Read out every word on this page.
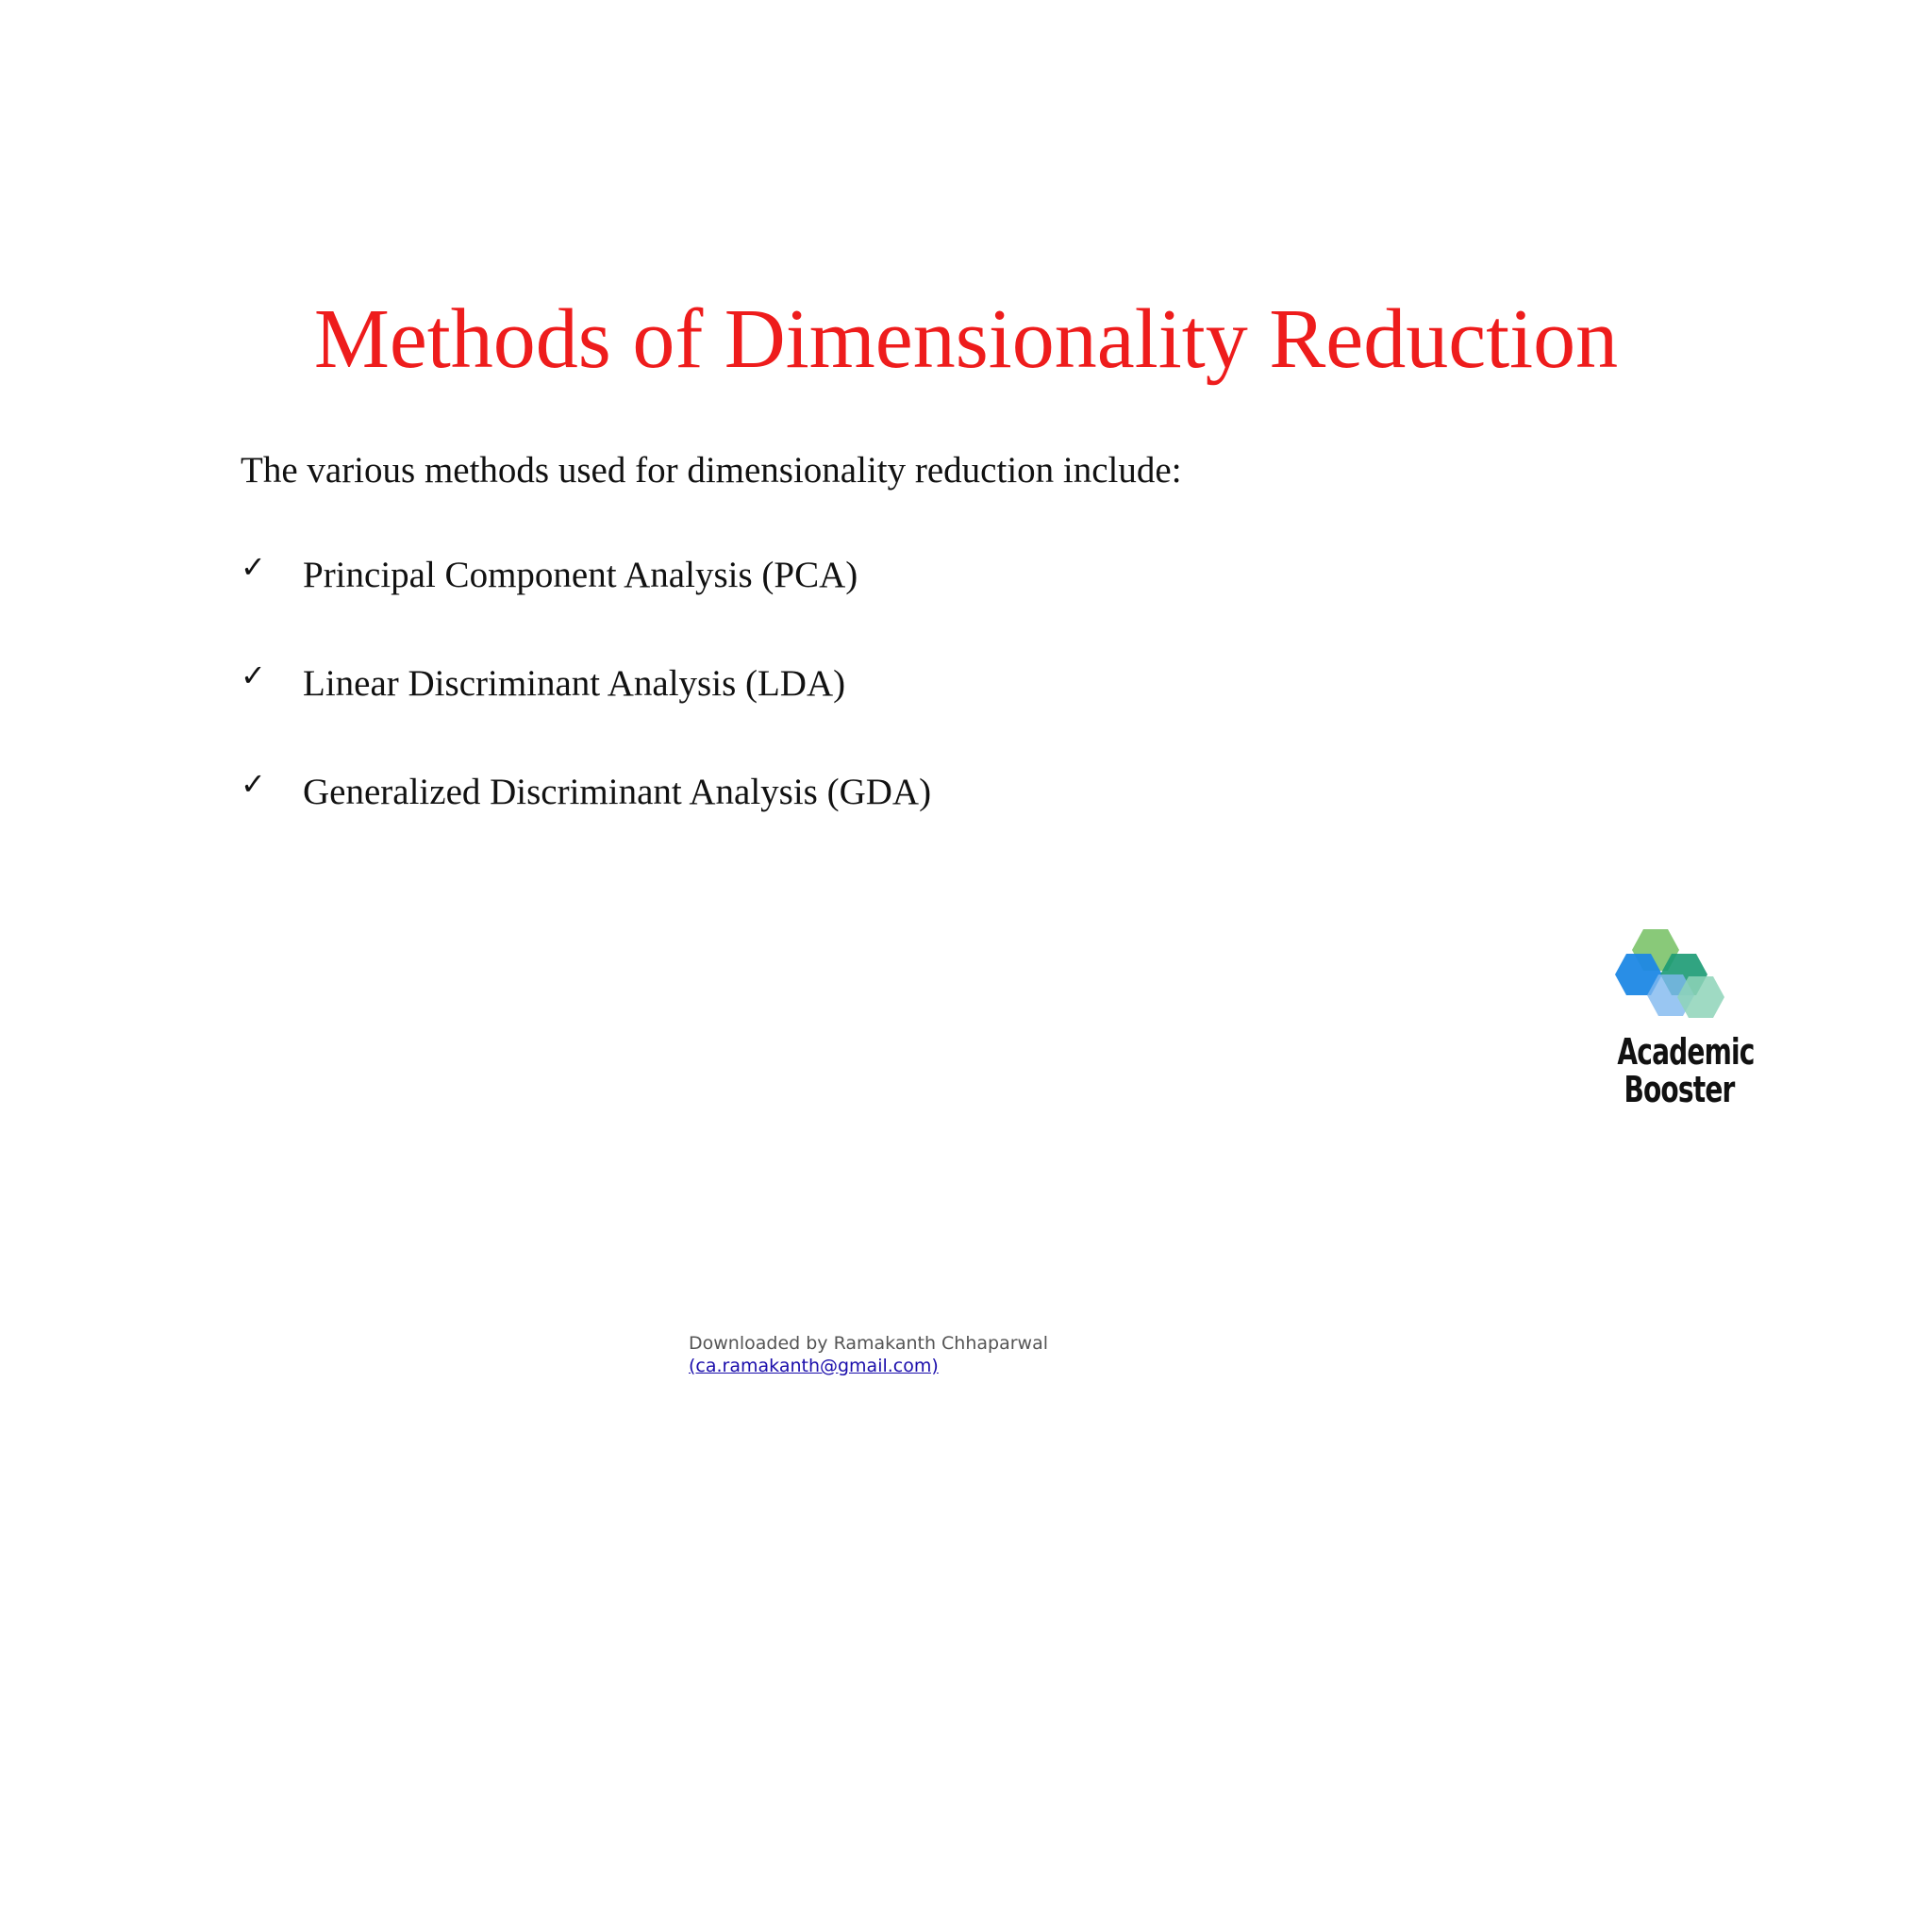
Methods of Dimensionality Reduction
The various methods used for dimensionality reduction include:
✓ Principal Component Analysis (PCA)
✓ Linear Discriminant Analysis (LDA)
✓ Generalized Discriminant Analysis (GDA)
Academic
Booster
Downloaded by Ramakanth Chhaparwal
(ca.ramakanth@gmail.com)
